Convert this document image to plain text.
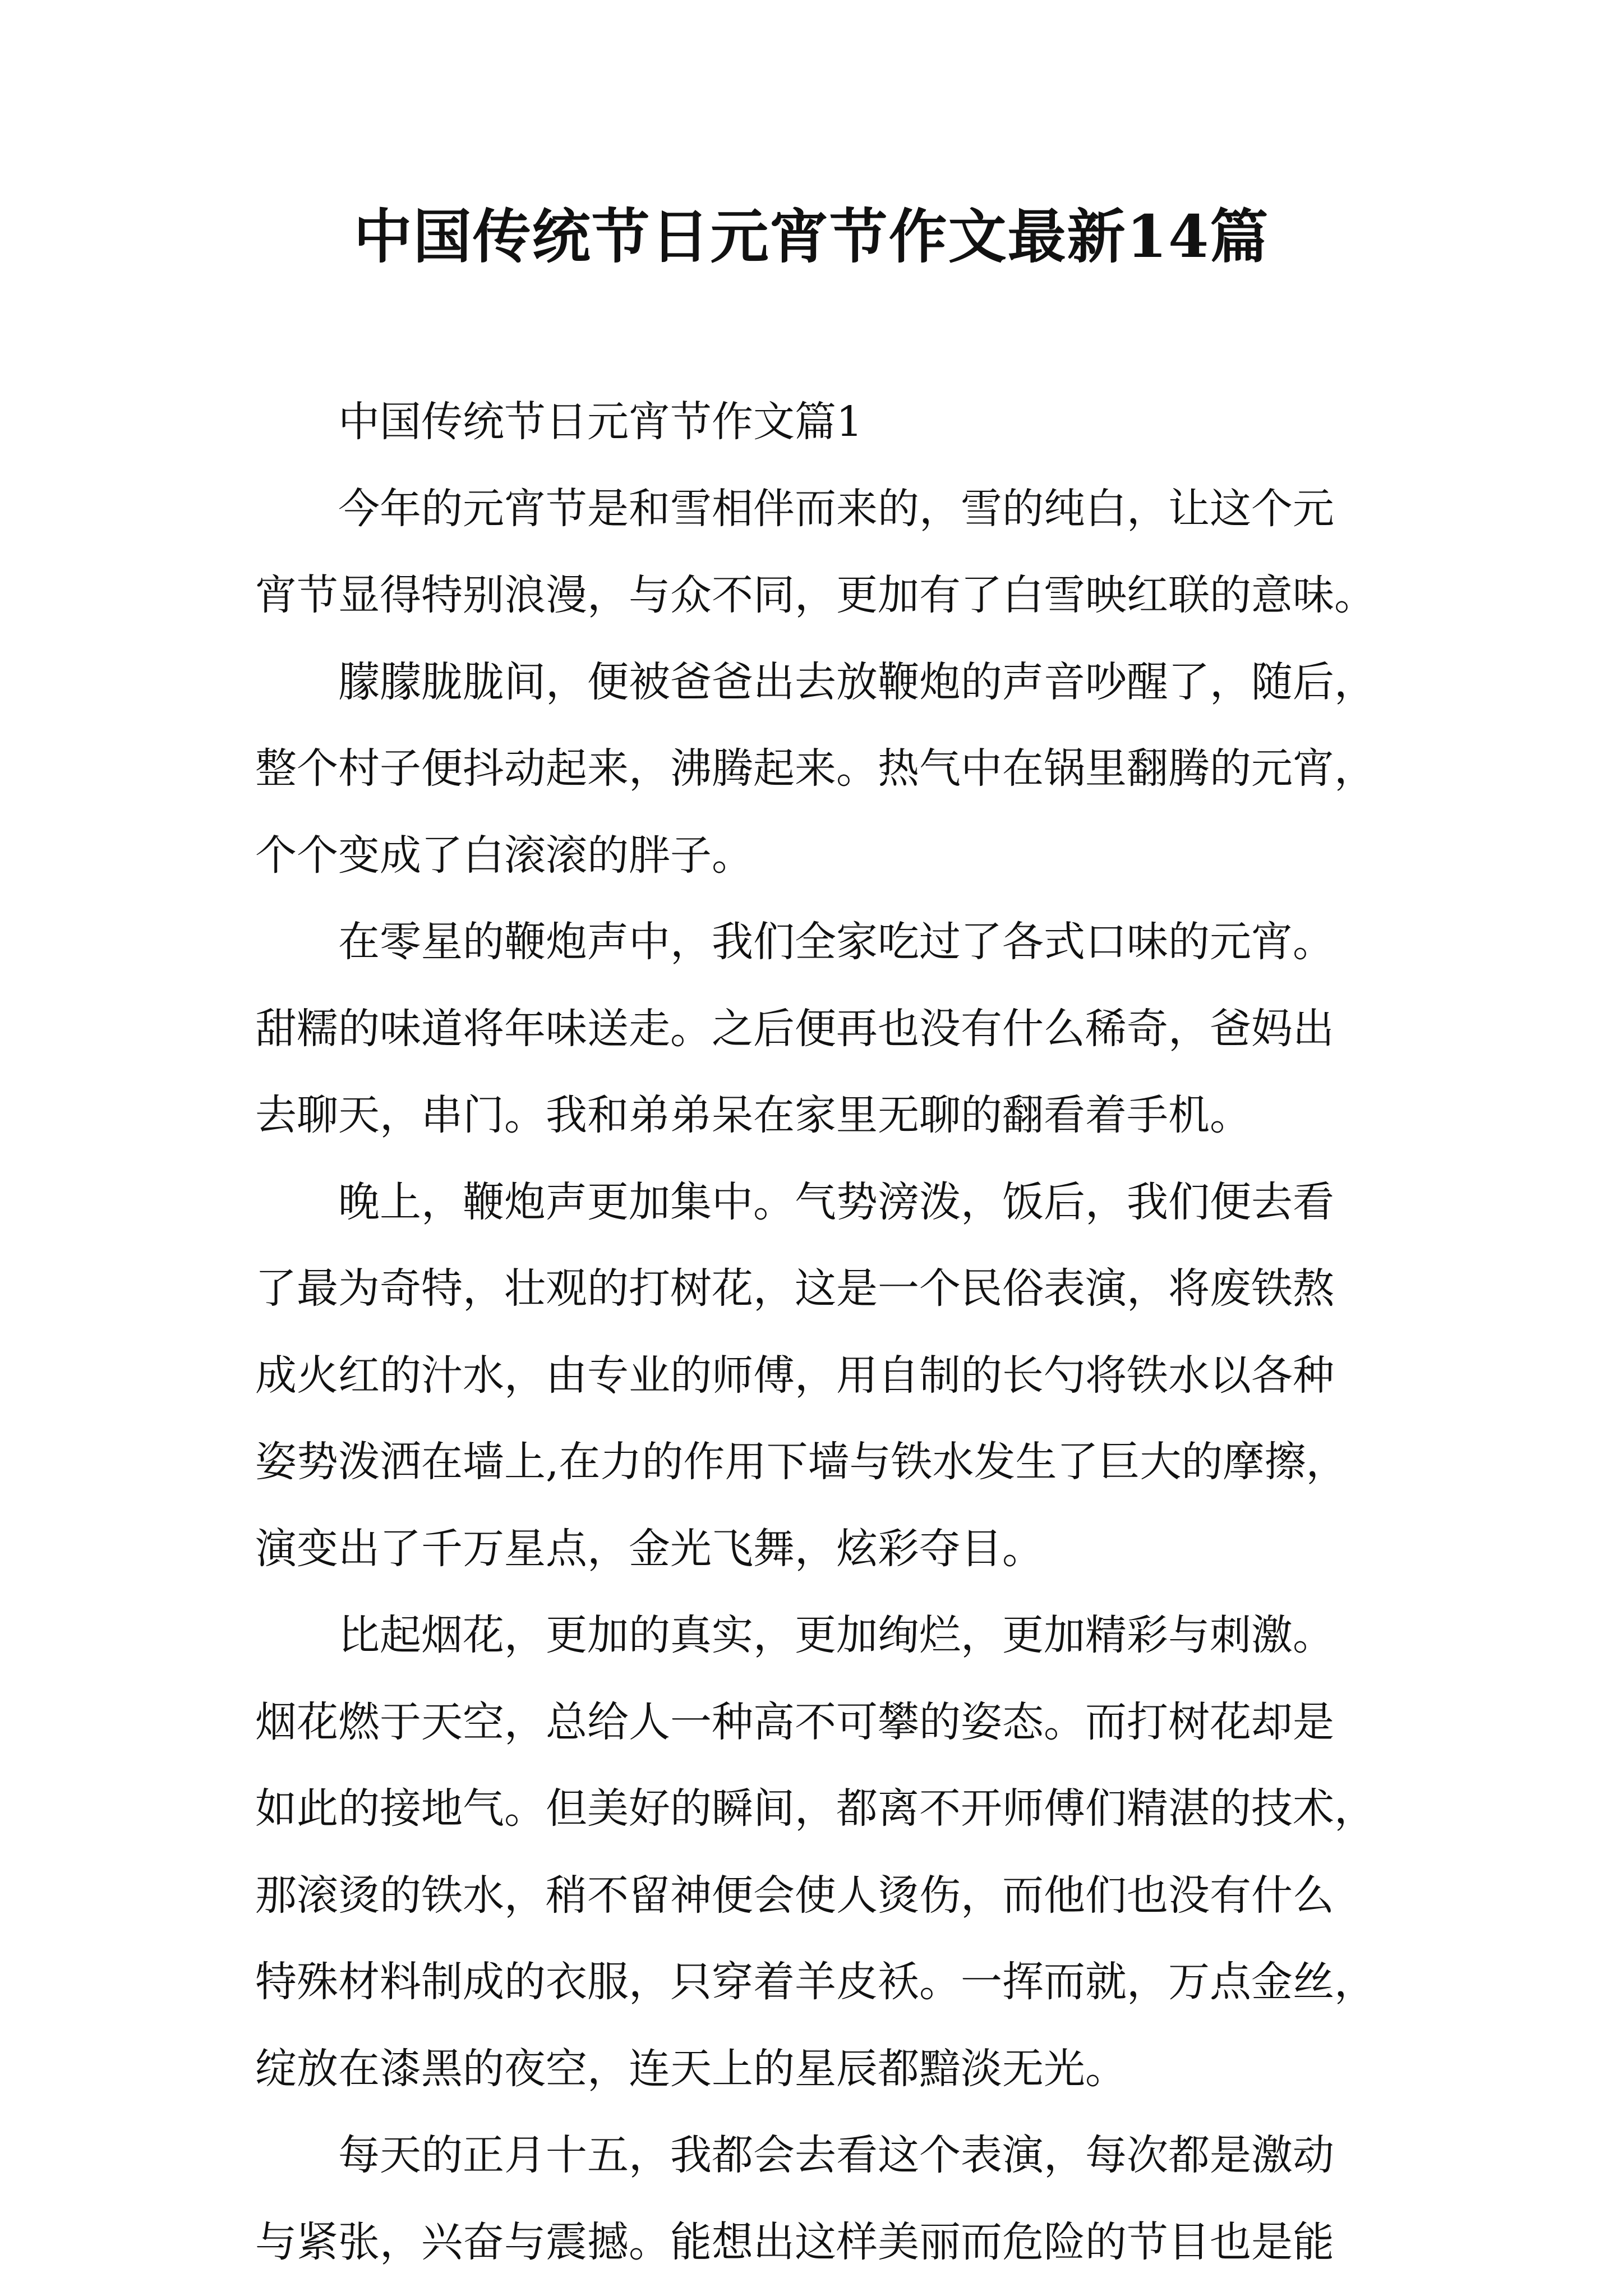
中国传统节日元宵节作文最新14篇
中国传统节日元宵节作文篇1
今年的元宵节是和雪相伴而来的，雪的纯白，让这个元
宵节显得特别浪漫，与众不同，更加有了白雪映红联的意味。
朦朦胧胧间，便被爸爸出去放鞭炮的声音吵醒了，随后，
整个村子便抖动起来，沸腾起来。热气中在锅里翻腾的元宵，
个个变成了白滚滚的胖子。
在零星的鞭炮声中，我们全家吃过了各式口味的元宵。
甜糯的味道将年味送走。之后便再也没有什么稀奇，爸妈出
去聊天，串门。我和弟弟呆在家里无聊的翻看着手机。
晚上，鞭炮声更加集中。气势滂泼，饭后，我们便去看
了最为奇特，壮观的打树花，这是一个民俗表演，将废铁熬
成火红的汁水，由专业的师傅，用自制的长勺将铁水以各种
姿势泼洒在墙上,在力的作用下墙与铁水发生了巨大的摩擦，
演变出了千万星点，金光飞舞，炫彩夺目。
比起烟花，更加的真实，更加绚烂，更加精彩与刺激。
烟花燃于天空，总给人一种高不可攀的姿态。而打树花却是
如此的接地气。但美好的瞬间，都离不开师傅们精湛的技术，
那滚烫的铁水，稍不留神便会使人烫伤，而他们也没有什么
特殊材料制成的衣服，只穿着羊皮袄。一挥而就，万点金丝，
绽放在漆黑的夜空，连天上的星辰都黯淡无光。
每天的正月十五，我都会去看这个表演，每次都是激动
与紧张，兴奋与震撼。能想出这样美丽而危险的节目也是能
